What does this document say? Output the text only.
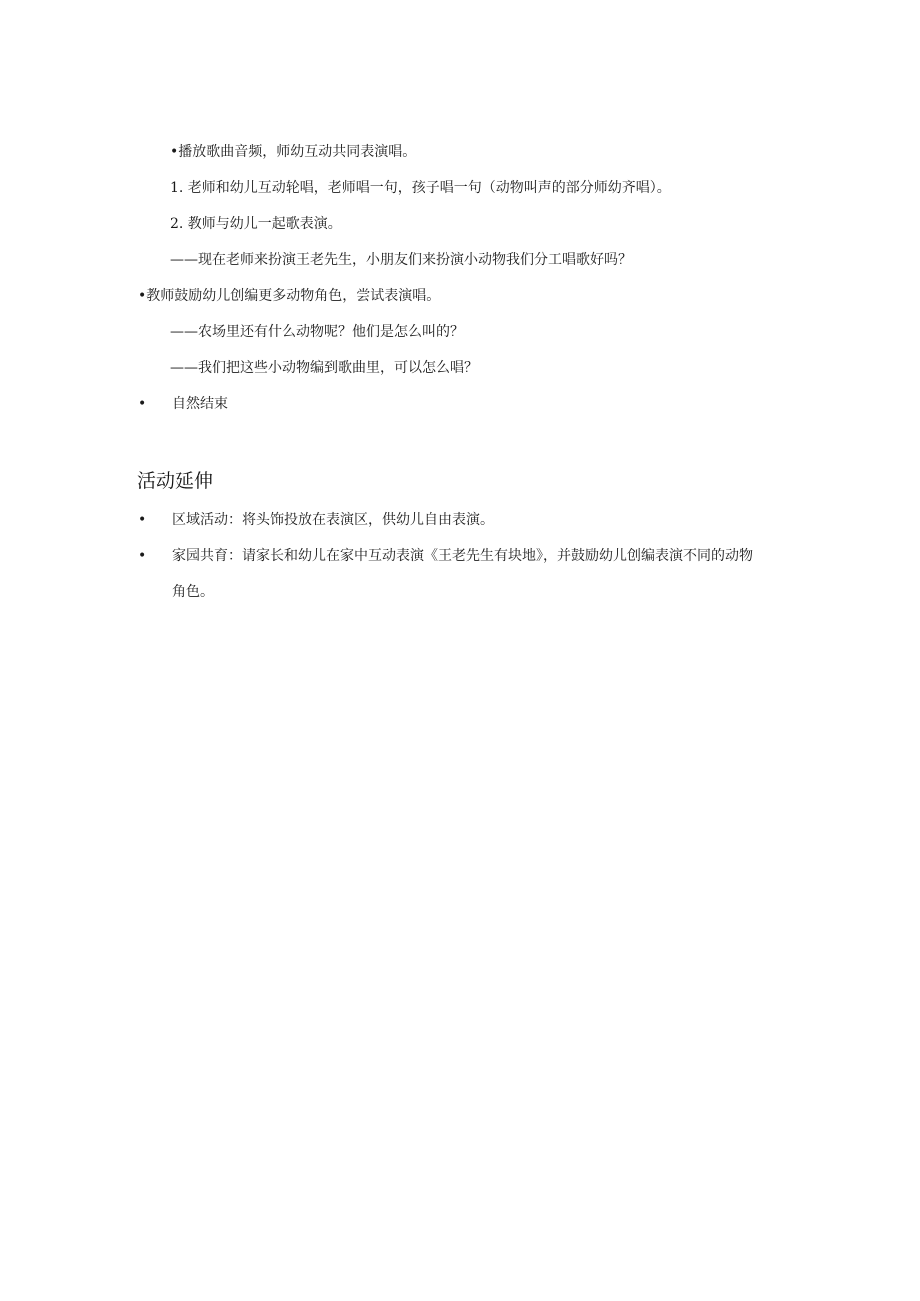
•播放歌曲音频，师幼互动共同表演唱。
1. 老师和幼儿互动轮唱，老师唱一句，孩子唱一句（动物叫声的部分师幼齐唱）。
2. 教师与幼儿一起歌表演。
——现在老师来扮演王老先生，小朋友们来扮演小动物我们分工唱歌好吗？
•教师鼓励幼儿创编更多动物角色，尝试表演唱。
——农场里还有什么动物呢？他们是怎么叫的？
——我们把这些小动物编到歌曲里，可以怎么唱？
• 自然结束
活动延伸
• 区域活动：将头饰投放在表演区，供幼儿自由表演。
• 家园共育：请家长和幼儿在家中互动表演《王老先生有块地》，并鼓励幼儿创编表演不同的动物
角色。
